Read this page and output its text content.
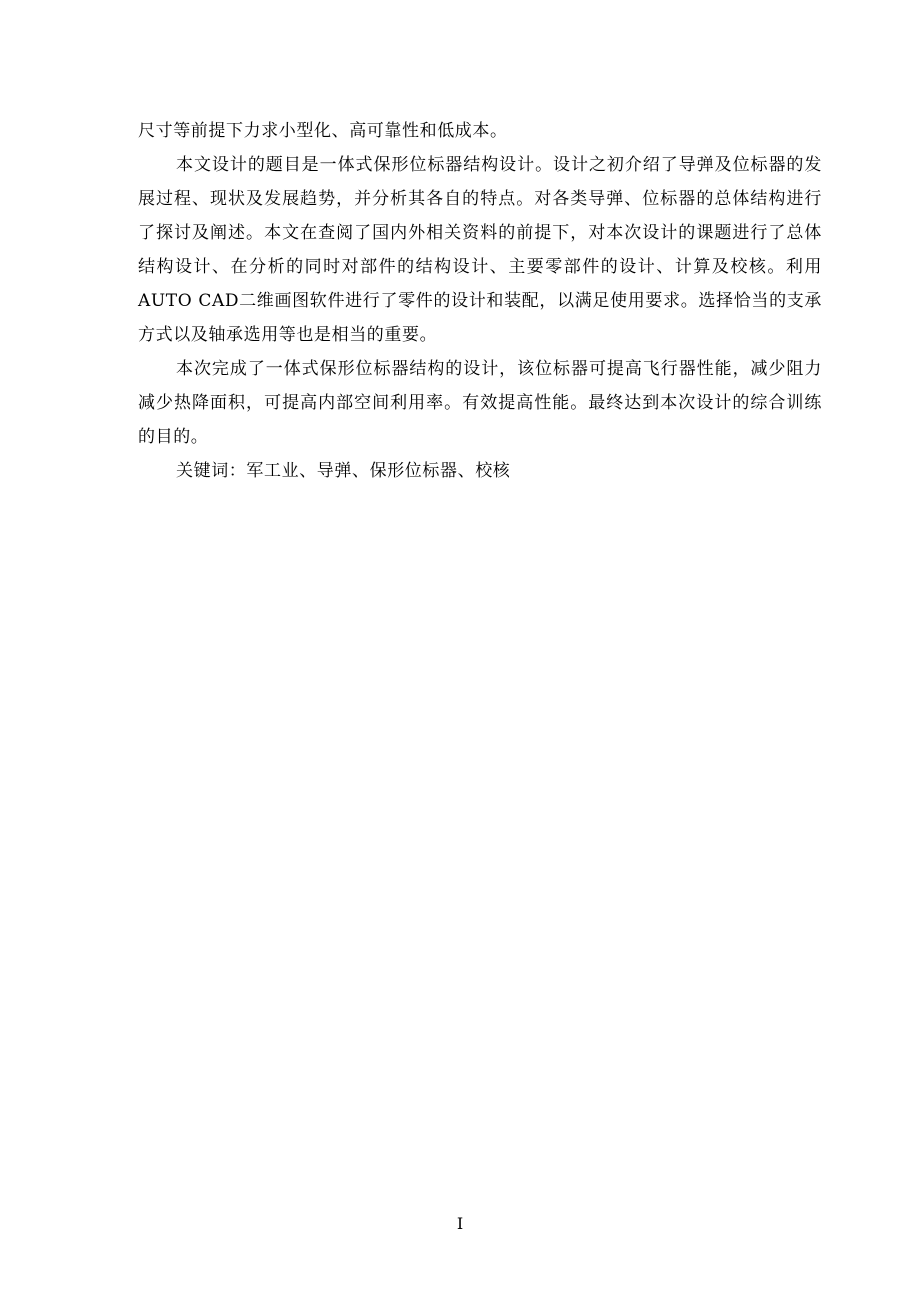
尺寸等前提下力求小型化、高可靠性和低成本。

本文设计的题目是一体式保形位标器结构设计。设计之初介绍了导弹及位标器的发展过程、现状及发展趋势，并分析其各自的特点。对各类导弹、位标器的总体结构进行了探讨及阐述。本文在查阅了国内外相关资料的前提下，对本次设计的课题进行了总体结构设计、在分析的同时对部件的结构设计、主要零部件的设计、计算及校核。利用AUTO CAD二维画图软件进行了零件的设计和装配，以满足使用要求。选择恰当的支承方式以及轴承选用等也是相当的重要。

本次完成了一体式保形位标器结构的设计，该位标器可提高飞行器性能，减少阻力减少热降面积，可提高内部空间利用率。有效提高性能。最终达到本次设计的综合训练的目的。

关键词：军工业、导弹、保形位标器、校核

I
